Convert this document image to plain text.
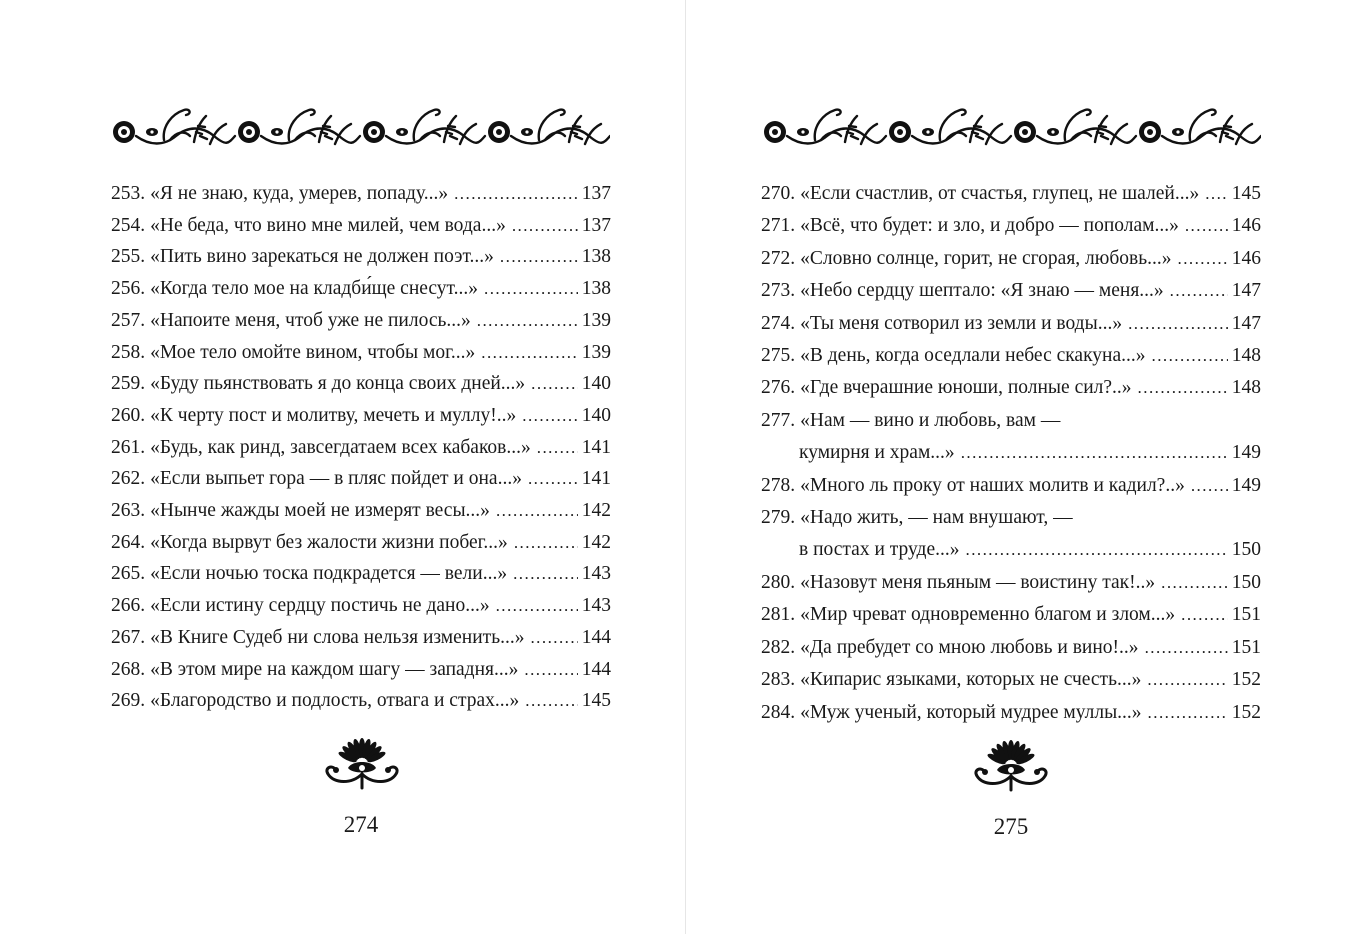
253. «Я не знаю, куда, умерев, попаду...» . . .	137
254. «Не беда, что вино мне милей, чем вода...» . . .	137
255. «Пить вино зарекаться не должен поэт...» . . .	138
256. «Когда тело мое на кладби́ще снесут...» . . .	138
257. «Напоите меня, чтоб уже не пилось...» . . .	139
258. «Мое тело омойте вином, чтобы мог...» . . .	139
259. «Буду пьянствовать я до конца своих дней...» . . .	140
260. «К черту пост и молитву, мечеть и муллу!..» . . .	140
261. «Будь, как ринд, завсегдатаем всех кабаков...» . . .	141
262. «Если выпьет гора — в пляс пойдет и она...» . . .	141
263. «Нынче жажды моей не измерят весы...» . . .	142
264. «Когда вырвут без жалости жизни побег...» . . .	142
265. «Если ночью тоска подкрадется — вели...» . . .	143
266. «Если истину сердцу постичь не дано...» . . .	143
267. «В Книге Судеб ни слова нельзя изменить...» . . .	144
268. «В этом мире на каждом шагу — западня...» . . .	144
269. «Благородство и подлость, отвага и страх...» . . .	145
274
270. «Если счастлив, от счастья, глупец, не шалей...» . . . 145
271. «Всё, что будет: и зло, и добро — пополам...» . . .	146
272. «Словно солнце, горит, не сгорая, любовь...» . . .	146
273. «Небо сердцу шептало: «Я знаю — меня...» . . .	147
274. «Ты меня сотворил из земли и воды...» . . .	147
275. «В день, когда оседлали небес скакуна...» . . .	148
276. «Где вчерашние юноши, полные сил?..» . . .	148
277. «Нам — вино и любовь, вам —
кумирня и храм...» . . .	149
278. «Много ль проку от наших молитв и кадил?..» . . . 149
279. «Надо жить, — нам внушают, —
в постах и труде...» . . .	150
280. «Назовут меня пьяным — воистину так!..» . . .	150
281. «Мир чреват одновременно благом и злом...» . . .	151
282. «Да пребудет со мною любовь и вино!..» . . .	151
283. «Кипарис языками, которых не счесть...» . . .	152
284. «Муж ученый, который мудрее муллы...» . . .	152
275
